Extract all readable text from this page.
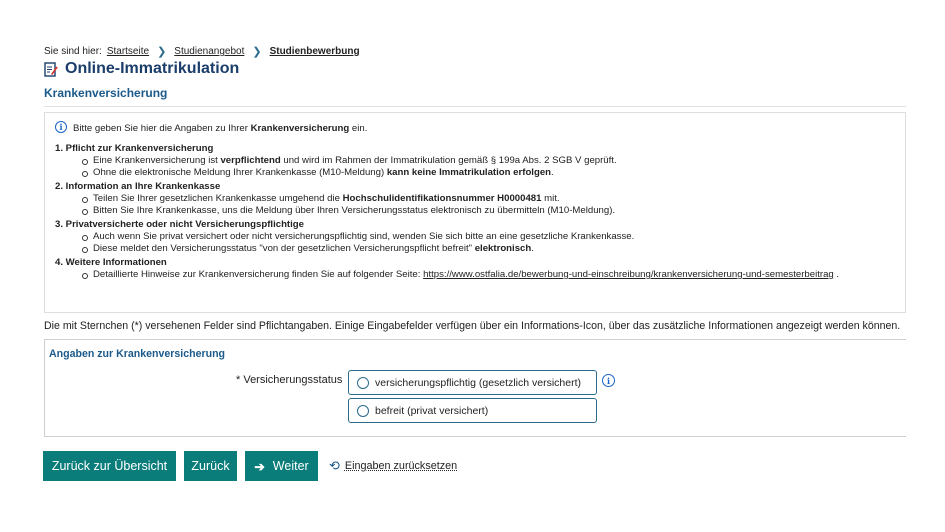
Sie sind hier: Startseite ❯ Studienangebot ❯ Studienbewerbung
Online-Immatrikulation
Krankenversicherung
i	Bitte geben Sie hier die Angaben zu Ihrer Krankenversicherung ein.
1. Pflicht zur Krankenversicherung
Eine Krankenversicherung ist verpflichtend und wird im Rahmen der Immatrikulation gemäß § 199a Abs. 2 SGB V geprüft.
Ohne die elektronische Meldung Ihrer Krankenkasse (M10-Meldung) kann keine Immatrikulation erfolgen.
2. Information an Ihre Krankenkasse
Teilen Sie Ihrer gesetzlichen Krankenkasse umgehend die Hochschulidentifikationsnummer H0000481 mit.
Bitten Sie Ihre Krankenkasse, uns die Meldung über Ihren Versicherungsstatus elektronisch zu übermitteln (M10-Meldung).
3. Privatversicherte oder nicht Versicherungspflichtige
Auch wenn Sie privat versichert oder nicht versicherungspflichtig sind, wenden Sie sich bitte an eine gesetzliche Krankenkasse.
Diese meldet den Versicherungsstatus "von der gesetzlichen Versicherungspflicht befreit" elektronisch.
4. Weitere Informationen
Detaillierte Hinweise zur Krankenversicherung finden Sie auf folgender Seite: https://www.ostfalia.de/bewerbung-und-einschreibung/krankenversicherung-und-semesterbeitrag .
Die mit Sternchen (*) versehenen Felder sind Pflichtangaben. Einige Eingabefelder verfügen über ein Informations-Icon, über das zusätzliche Informationen angezeigt werden können.
Angaben zur Krankenversicherung
* Versicherungsstatus	versicherungspflichtig (gesetzlich versichert)
befreit (privat versichert)
i
Zurück zur Übersicht	Zurück	➔ Weiter ⟲ Eingaben zurücksetzen
